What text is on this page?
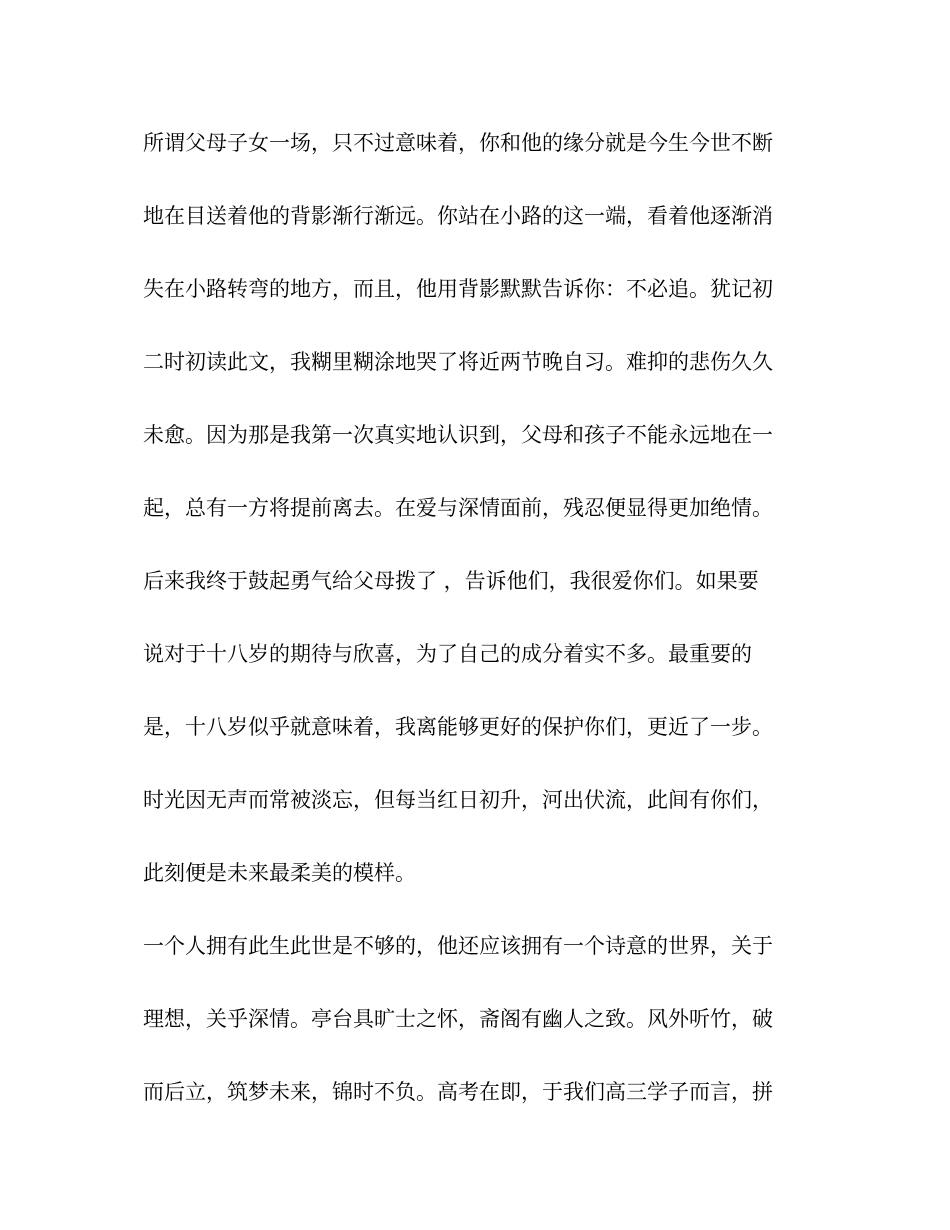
所谓父母子女一场，只不过意味着，你和他的缘分就是今生今世不断
地在目送着他的背影渐行渐远。你站在小路的这一端，看着他逐渐消
失在小路转弯的地方，而且，他用背影默默告诉你：不必追。犹记初
二时初读此文，我糊里糊涂地哭了将近两节晚自习。难抑的悲伤久久
未愈。因为那是我第一次真实地认识到，父母和孩子不能永远地在一
起，总有一方将提前离去。在爱与深情面前，残忍便显得更加绝情。
后来我终于鼓起勇气给父母拨了 ，告诉他们，我很爱你们。如果要
说对于十八岁的期待与欣喜，为了自己的成分着实不多。最重要的
是，十八岁似乎就意味着，我离能够更好的保护你们，更近了一步。
时光因无声而常被淡忘，但每当红日初升，河出伏流，此间有你们，
此刻便是未来最柔美的模样。
一个人拥有此生此世是不够的，他还应该拥有一个诗意的世界，关于
理想，关乎深情。亭台具旷士之怀，斋阁有幽人之致。风外听竹，破
而后立，筑梦未来，锦时不负。高考在即，于我们高三学子而言，拼
